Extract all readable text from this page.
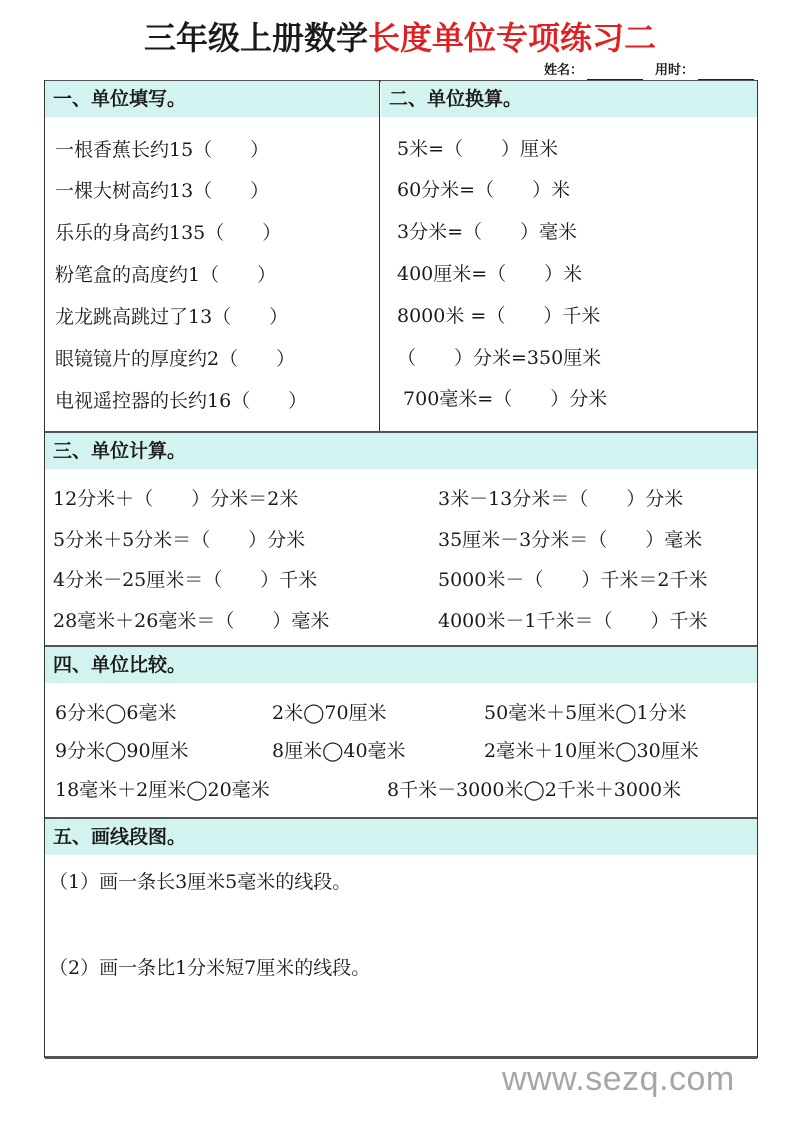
三年级上册数学长度单位专项练习二
姓名：	用时：
一、单位填写。	二、单位换算。
一根香蕉长约15（　　）
一棵大树高约13（　　）
乐乐的身高约135（　　）
粉笔盒的高度约1（　　）
龙龙跳高跳过了13（　　）
眼镜镜片的厚度约2（　　）
电视遥控器的长约16（　　）
5米=（　　）厘米
60分米=（　　）米
3分米=（　　）毫米
400厘米=（　　）米
8000米 =（　　）千米
（　　）分米=350厘米
700毫米=（　　）分米
三、单位计算。
12分米＋（　　）分米＝2米
5分米＋5分米＝（　　）分米
4分米－25厘米＝（　　）千米
28毫米＋26毫米＝（　　）毫米
3米－13分米＝（　　）分米
35厘米－3分米＝（　　）毫米
5000米－（　　）千米＝2千米
4000米－1千米＝（　　）千米
四、单位比较。
6分米◯6毫米	2米◯70厘米	50毫米＋5厘米◯1分米
9分米◯90厘米	8厘米◯40毫米	2毫米＋10厘米◯30厘米
18毫米＋2厘米◯20毫米	8千米－3000米◯2千米＋3000米
五、画线段图。
（1）画一条长3厘米5毫米的线段。
（2）画一条比1分米短7厘米的线段。
www.sezq.com
